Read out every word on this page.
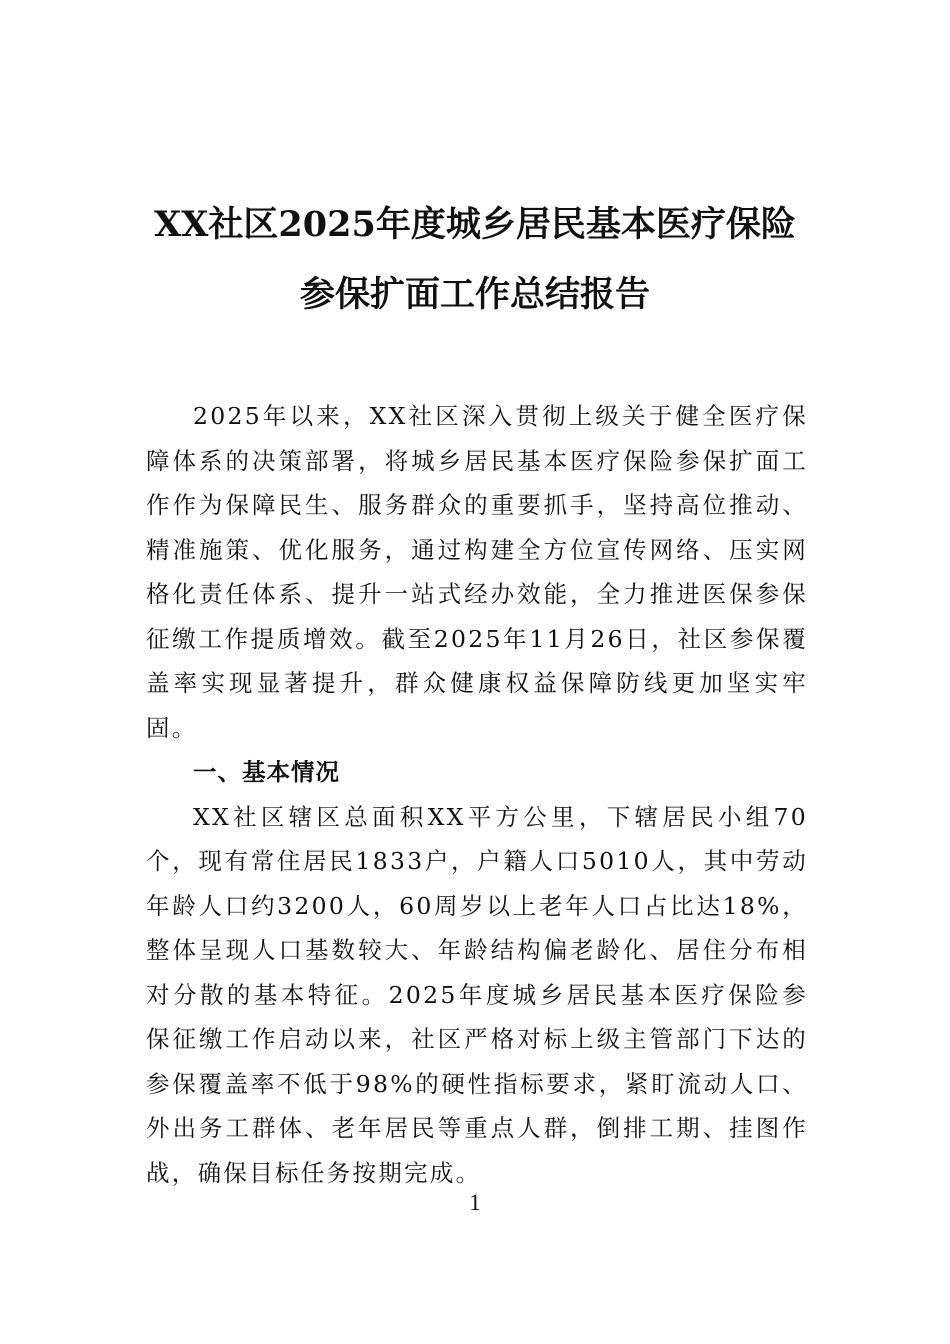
XX社区2025年度城乡居民基本医疗保险
参保扩面工作总结报告

2025年以来，XX社区深入贯彻上级关于健全医疗保障体系的决策部署，将城乡居民基本医疗保险参保扩面工作作为保障民生、服务群众的重要抓手，坚持高位推动、精准施策、优化服务，通过构建全方位宣传网络、压实网格化责任体系、提升一站式经办效能，全力推进医保参保征缴工作提质增效。截至2025年11月26日，社区参保覆盖率实现显著提升，群众健康权益保障防线更加坚实牢固。

一、基本情况

XX社区辖区总面积XX平方公里，下辖居民小组70个，现有常住居民1833户，户籍人口5010人，其中劳动年龄人口约3200人，60周岁以上老年人口占比达18%，整体呈现人口基数较大、年龄结构偏老龄化、居住分布相对分散的基本特征。2025年度城乡居民基本医疗保险参保征缴工作启动以来，社区严格对标上级主管部门下达的参保覆盖率不低于98%的硬性指标要求，紧盯流动人口、外出务工群体、老年居民等重点人群，倒排工期、挂图作战，确保目标任务按期完成。

1
